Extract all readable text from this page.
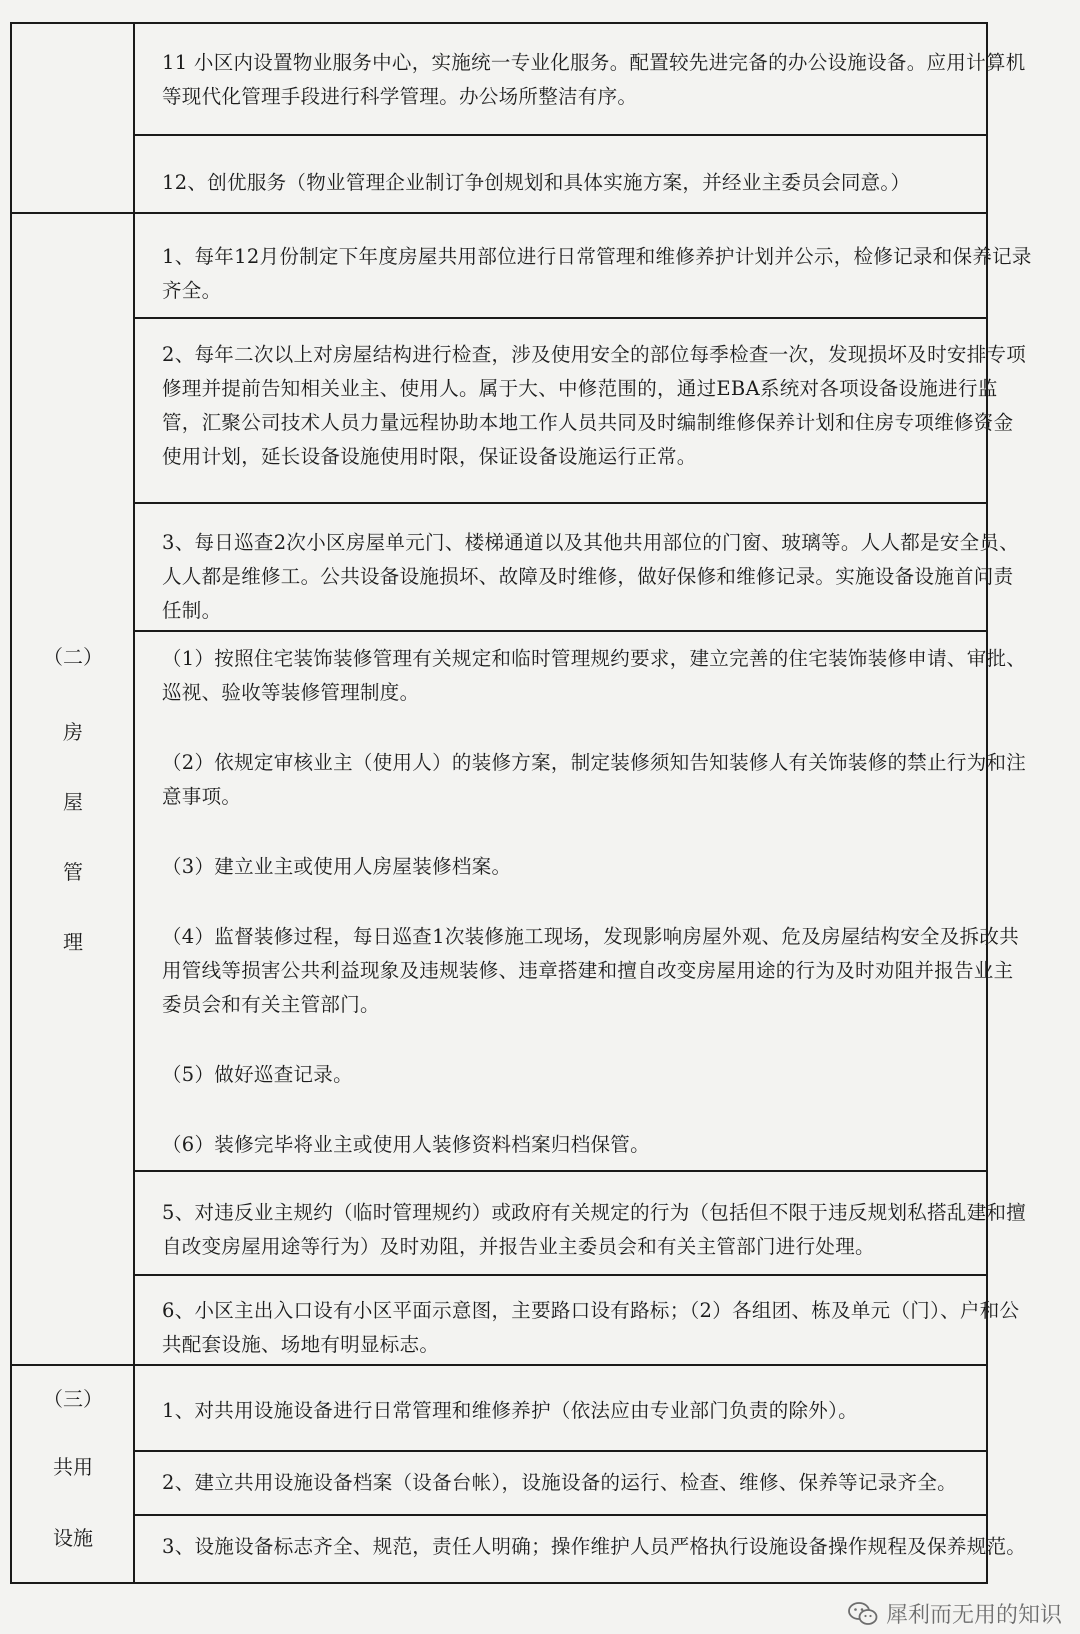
（二）
房
屋
管
理
（三）
共用
设施
11 小区内设置物业服务中心，实施统一专业化服务。配置较先进完备的办公设施设备。应用计算机等现代化管理手段进行科学管理。办公场所整洁有序。
12、创优服务（物业管理企业制订争创规划和具体实施方案，并经业主委员会同意。）
1、每年12月份制定下年度房屋共用部位进行日常管理和维修养护计划并公示，检修记录和保养记录齐全。
2、每年二次以上对房屋结构进行检查，涉及使用安全的部位每季检查一次，发现损坏及时安排专项修理并提前告知相关业主、使用人。属于大、中修范围的，通过EBA系统对各项设备设施进行监管，汇聚公司技术人员力量远程协助本地工作人员共同及时编制维修保养计划和住房专项维修资金使用计划，延长设备设施使用时限，保证设备设施运行正常。
3、每日巡查2次小区房屋单元门、楼梯通道以及其他共用部位的门窗、玻璃等。人人都是安全员、人人都是维修工。公共设备设施损坏、故障及时维修，做好保修和维修记录。实施设备设施首问责任制。

（1）按照住宅装饰装修管理有关规定和临时管理规约要求，建立完善的住宅装饰装修申请、审批、巡视、验收等装修管理制度。

（2）依规定审核业主（使用人）的装修方案，制定装修须知告知装修人有关饰装修的禁止行为和注意事项。

（3）建立业主或使用人房屋装修档案。

（4）监督装修过程，每日巡查1次装修施工现场，发现影响房屋外观、危及房屋结构安全及拆改共用管线等损害公共利益现象及违规装修、违章搭建和擅自改变房屋用途的行为及时劝阻并报告业主委员会和有关主管部门。

（5）做好巡查记录。

（6）装修完毕将业主或使用人装修资料档案归档保管。

5、对违反业主规约（临时管理规约）或政府有关规定的行为（包括但不限于违反规划私搭乱建和擅自改变房屋用途等行为）及时劝阻，并报告业主委员会和有关主管部门进行处理。
6、小区主出入口设有小区平面示意图，主要路口设有路标；（2）各组团、栋及单元（门）、户和公共配套设施、场地有明显标志。
1、对共用设施设备进行日常管理和维修养护（依法应由专业部门负责的除外）。
2、建立共用设施设备档案（设备台帐），设施设备的运行、检查、维修、保养等记录齐全。
3、设施设备标志齐全、规范，责任人明确；操作维护人员严格执行设施设备操作规程及保养规范。
犀利而无用的知识
